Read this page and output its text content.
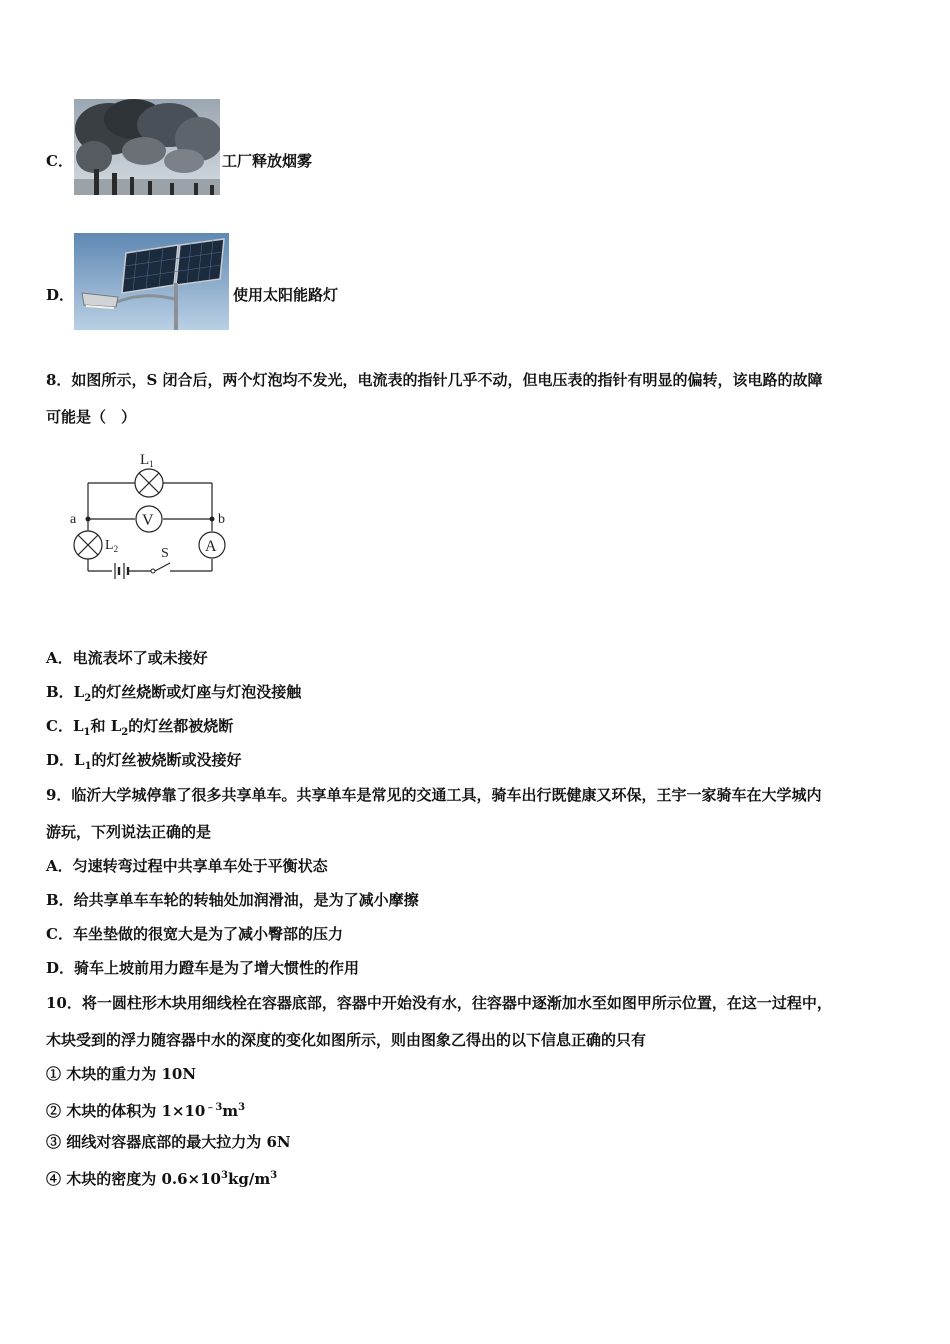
C．	工厂释放烟雾
D．	使用太阳能路灯
8．如图所示，S 闭合后，两个灯泡均不发光，电流表的指针几乎不动，但电压表的指针有明显的偏转，该电路的故障
可能是（　）
$L_1$
V
A
a	b
$L_2$	S
A．电流表坏了或未接好
B．$L_2$的灯丝烧断或灯座与灯泡没接触
C．$L_1$和 $L_2$的灯丝都被烧断
D．$L_1$的灯丝被烧断或没接好
9．临沂大学城停靠了很多共享单车。共享单车是常见的交通工具，骑车出行既健康又环保，王宇一家骑车在大学城内
游玩，下列说法正确的是
A．匀速转弯过程中共享单车处于平衡状态
B．给共享单车车轮的转轴处加润滑油，是为了减小摩擦
C．车坐垫做的很宽大是为了减小臀部的压力
D．骑车上坡前用力蹬车是为了增大惯性的作用
10．将一圆柱形木块用细线栓在容器底部，容器中开始没有水，往容器中逐渐加水至如图甲所示位置，在这一过程中，
木块受到的浮力随容器中水的深度的变化如图所示，则由图象乙得出的以下信息正确的只有
① 木块的重力为 10N
② 木块的体积为 $1\times 10^{﹣3}m^3$
③ 细线对容器底部的最大拉力为 6N
④ 木块的密度为 $0.6\times 10^3kg/m^3$
